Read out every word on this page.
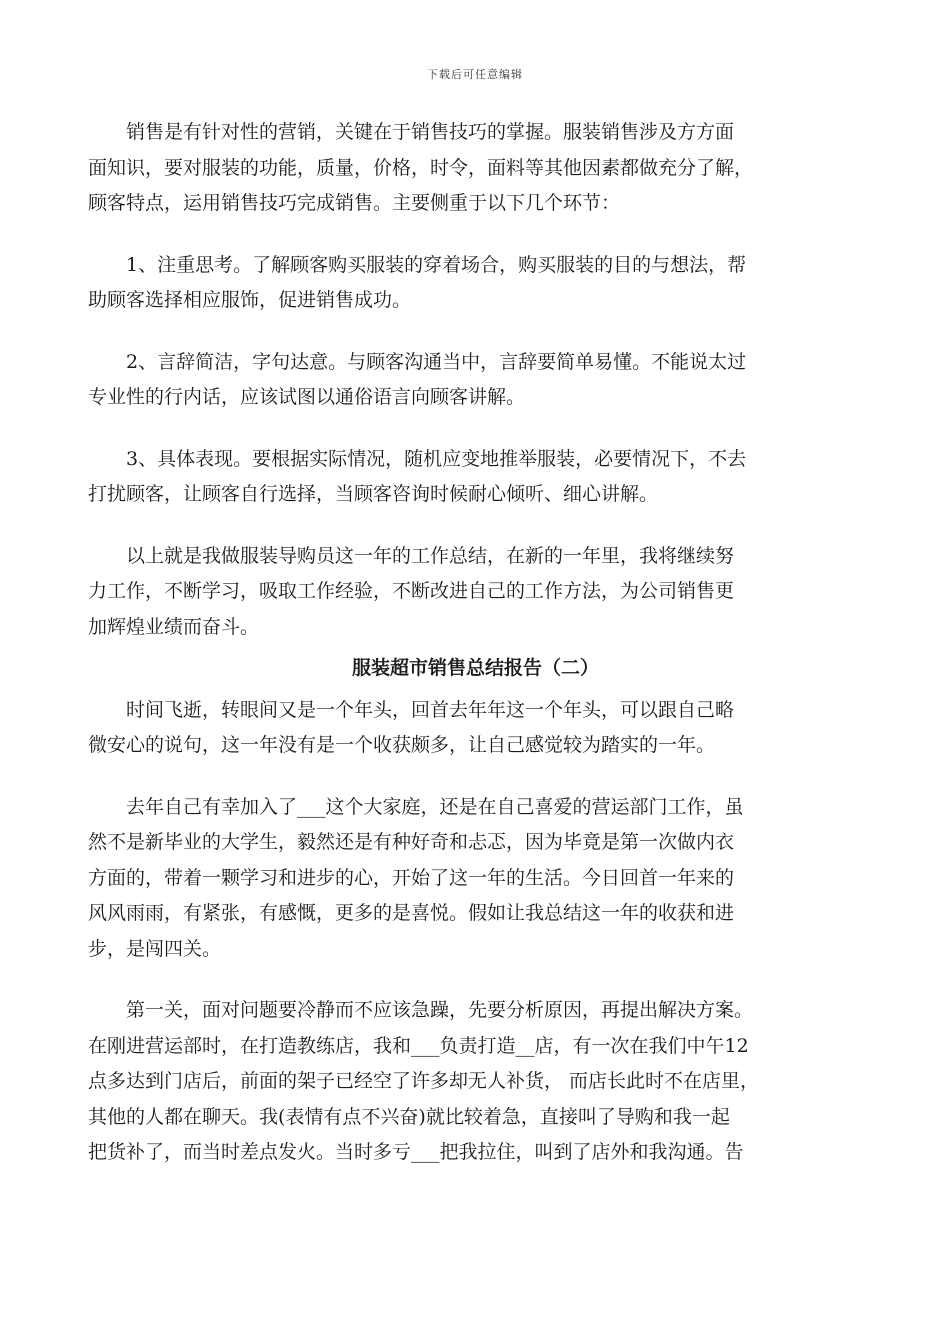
下载后可任意编辑
销售是有针对性的营销，关键在于销售技巧的掌握。服装销售涉及方方面
面知识，要对服装的功能，质量，价格，时令，面料等其他因素都做充分了解，
顾客特点，运用销售技巧完成销售。主要侧重于以下几个环节：
1、注重思考。了解顾客购买服装的穿着场合，购买服装的目的与想法，帮
助顾客选择相应服饰，促进销售成功。
2、言辞简洁，字句达意。与顾客沟通当中，言辞要简单易懂。不能说太过
专业性的行内话，应该试图以通俗语言向顾客讲解。
3、具体表现。要根据实际情况，随机应变地推举服装，必要情况下，不去
打扰顾客，让顾客自行选择，当顾客咨询时候耐心倾听、细心讲解。
以上就是我做服装导购员这一年的工作总结，在新的一年里，我将继续努
力工作，不断学习，吸取工作经验，不断改进自己的工作方法，为公司销售更
加辉煌业绩而奋斗。
服装超市销售总结报告（二）
时间飞逝，转眼间又是一个年头，回首去年年这一个年头，可以跟自己略
微安心的说句，这一年没有是一个收获颇多，让自己感觉较为踏实的一年。
去年自己有幸加入了___这个大家庭，还是在自己喜爱的营运部门工作，虽
然不是新毕业的大学生，毅然还是有种好奇和忐忑，因为毕竟是第一次做内衣
方面的，带着一颗学习和进步的心，开始了这一年的生活。今日回首一年来的
风风雨雨，有紧张，有感慨，更多的是喜悦。假如让我总结这一年的收获和进
步，是闯四关。
第一关，面对问题要冷静而不应该急躁，先要分析原因，再提出解决方案。
在刚进营运部时，在打造教练店，我和___负责打造__店，有一次在我们中午12
点多达到门店后，前面的架子已经空了许多却无人补货， 而店长此时不在店里，
其他的人都在聊天。我(表情有点不兴奋)就比较着急，直接叫了导购和我一起
把货补了，而当时差点发火。当时多亏___把我拉住，叫到了店外和我沟通。告
